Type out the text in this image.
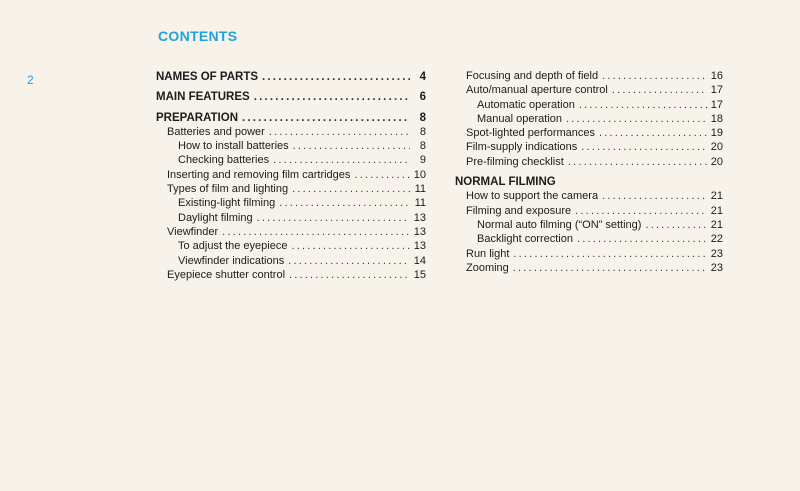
CONTENTS
2	NAMES OF PARTS .....	4
MAIN FEATURES .....	6
PREPARATION .....	8
Batteries and power .....	8
How to install batteries .....	8
Checking batteries .....	9
Inserting and removing film cartridges .....	10
Types of film and lighting .....	11
Existing-light filming .....	11
Daylight filming .....	13
Viewfinder .....	13
To adjust the eyepiece .....	13
Viewfinder indications .....	14
Eyepiece shutter control .....	15
Focusing and depth of field .....	16
Auto/manual aperture control .....	17
Automatic operation .....	17
Manual operation .....	18
Spot-lighted performances .....	19
Film-supply indications .....	20
Pre-filming checklist .....	20
NORMAL FILMING
How to support the camera .....	21
Filming and exposure .....	21
Normal auto filming (“ON” setting) .....	21
Backlight correction .....	22
Run light .....	23
Zooming .....	23
